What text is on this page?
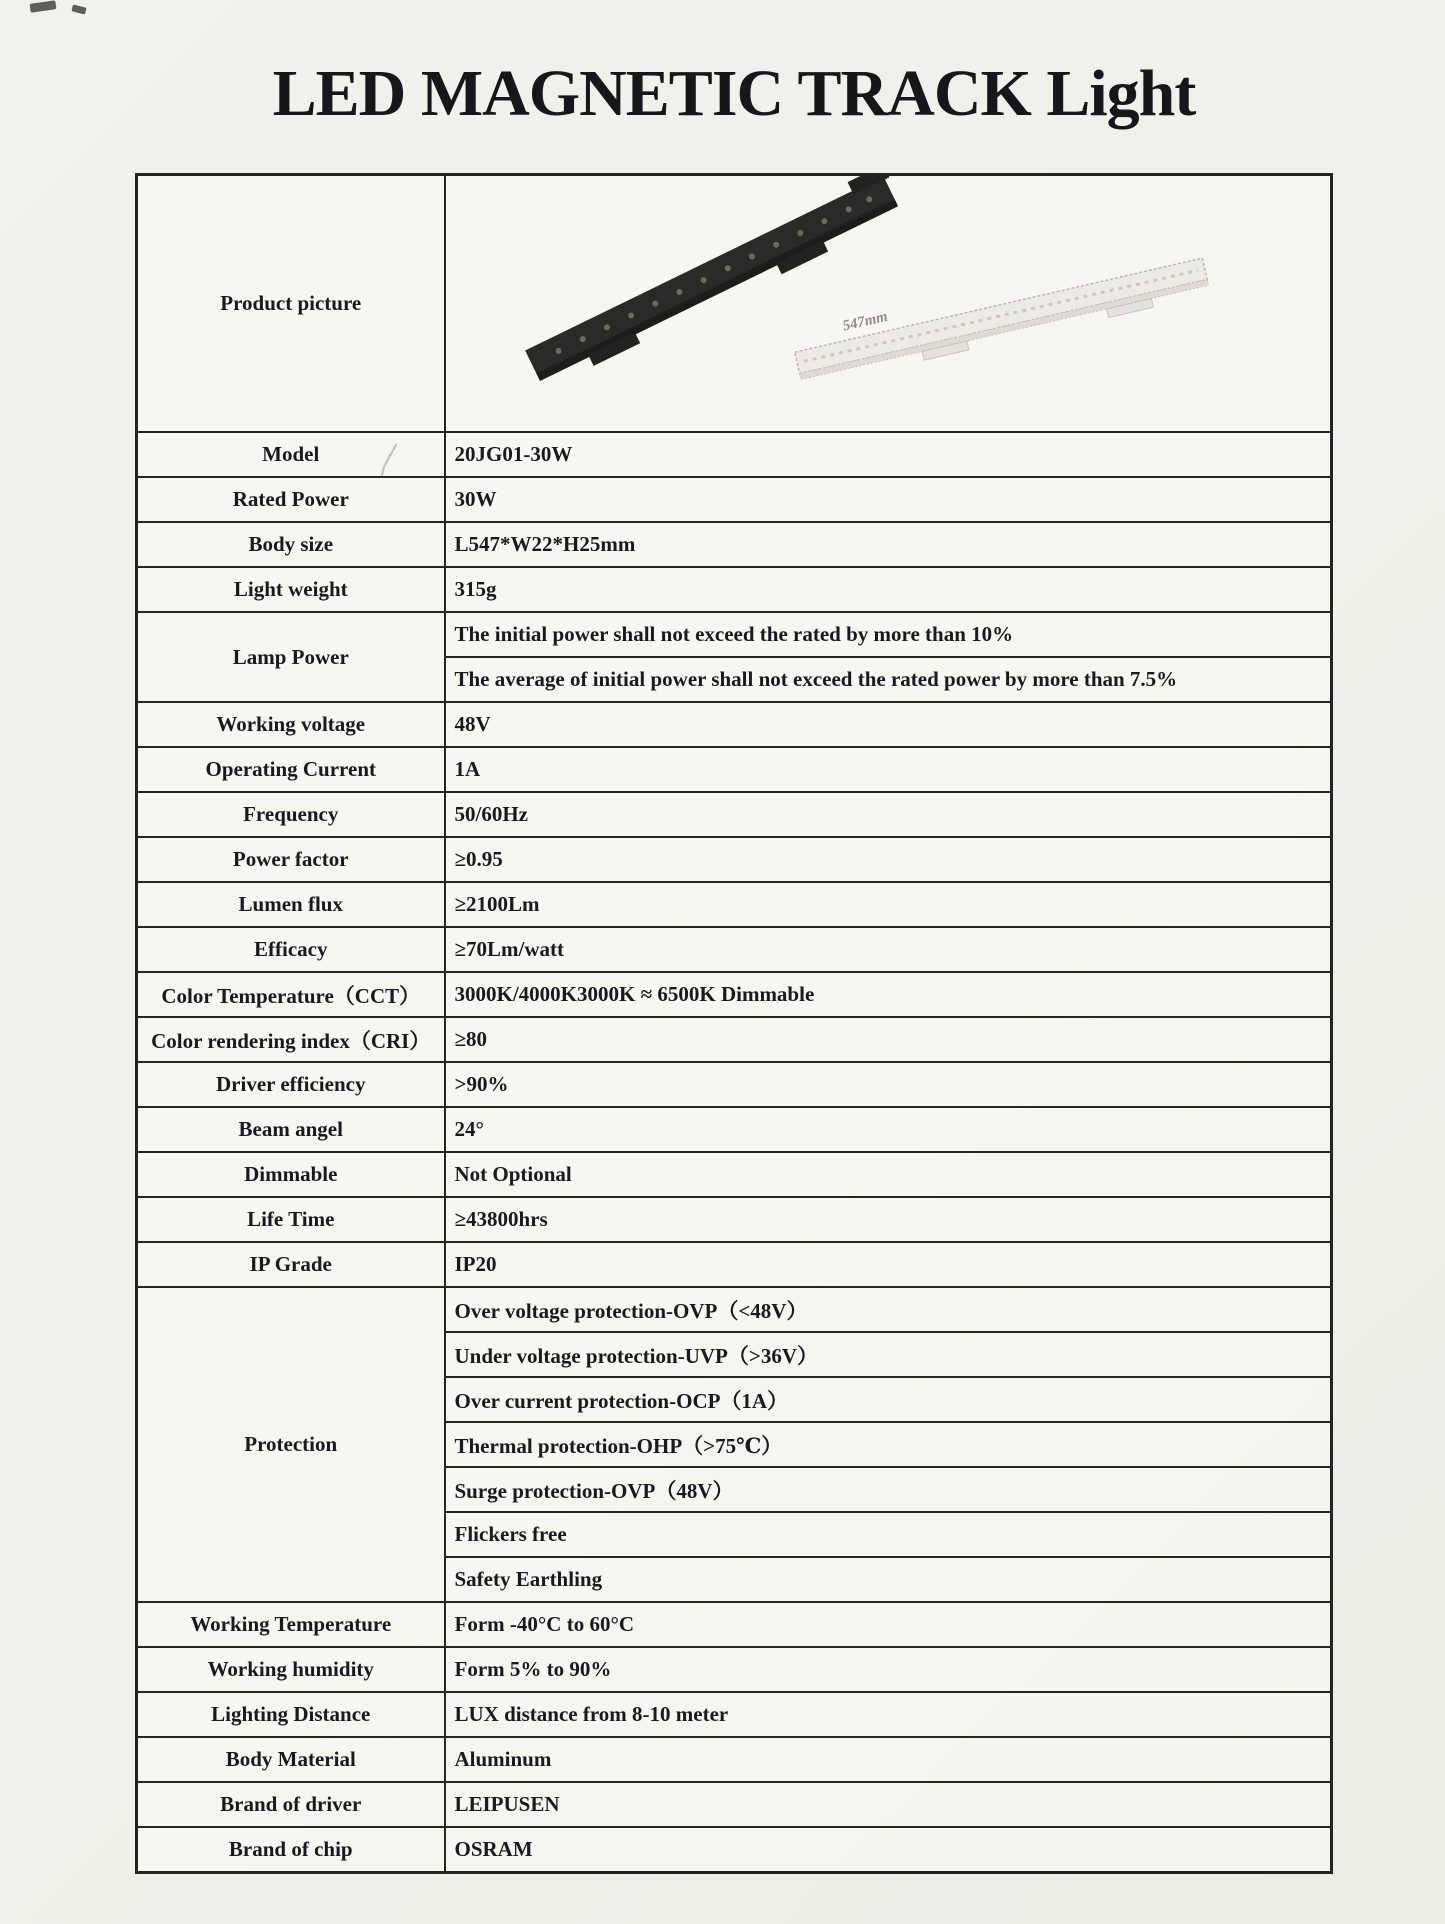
LED MAGNETIC TRACK Light
Product picture	547mm

Model	20JG01-30W
Rated Power	30W
Body size	L547*W22*H25mm
Light weight	315g
Lamp Power	The initial power shall not exceed the rated by more than 10%
	The average of initial power shall not exceed the rated power by more than 7.5%
Working voltage	48V
Operating Current	1A
Frequency	50/60Hz
Power factor	≥0.95
Lumen flux	≥2100Lm
Efficacy	≥70Lm/watt
Color Temperature（CCT）	3000K/4000K3000K ≈ 6500K Dimmable
Color rendering index（CRI）	≥80
Driver efficiency	>90%
Beam angel	24°
Dimmable	Not Optional
Life Time	≥43800hrs
IP Grade	IP20
Protection	Over voltage protection-OVP（<48V）
	Under voltage protection-UVP（>36V）
	Over current protection-OCP（1A）
	Thermal protection-OHP（>75℃）
	Surge protection-OVP（48V）
	Flickers free
	Safety Earthling
Working Temperature	Form -40°C to 60°C
Working humidity	Form 5% to 90%
Lighting Distance	LUX distance from 8-10 meter
Body Material	Aluminum
Brand of driver	LEIPUSEN
Brand of chip	OSRAM
